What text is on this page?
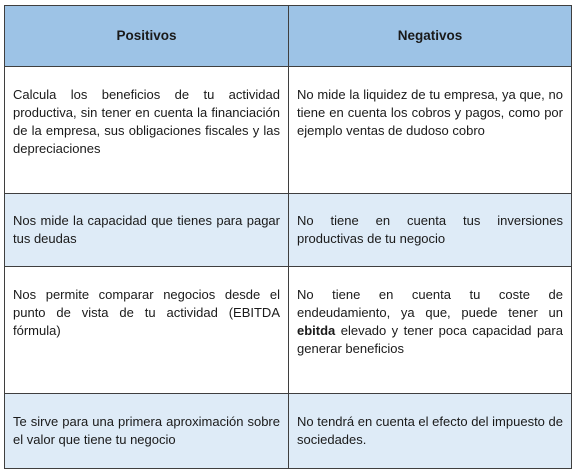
Positivos	Negativos
Calcula los beneficios de tu actividad productiva, sin tener en cuenta la financiación de la empresa, sus obligaciones fiscales y las depreciaciones	No mide la liquidez de tu empresa, ya que, no tiene en cuenta los cobros y pagos, como por ejemplo ventas de dudoso cobro
Nos mide la capacidad que tienes para pagar tus deudas	No tiene en cuenta tus inversiones productivas de tu negocio
Nos permite comparar negocios desde el punto de vista de tu actividad (EBITDA fórmula)	No tiene en cuenta tu coste de endeudamiento, ya que, puede tener un ebitda elevado y tener poca capacidad para generar beneficios
Te sirve para una primera aproximación sobre el valor que tiene tu negocio	No tendrá en cuenta el efecto del impuesto de sociedades.
